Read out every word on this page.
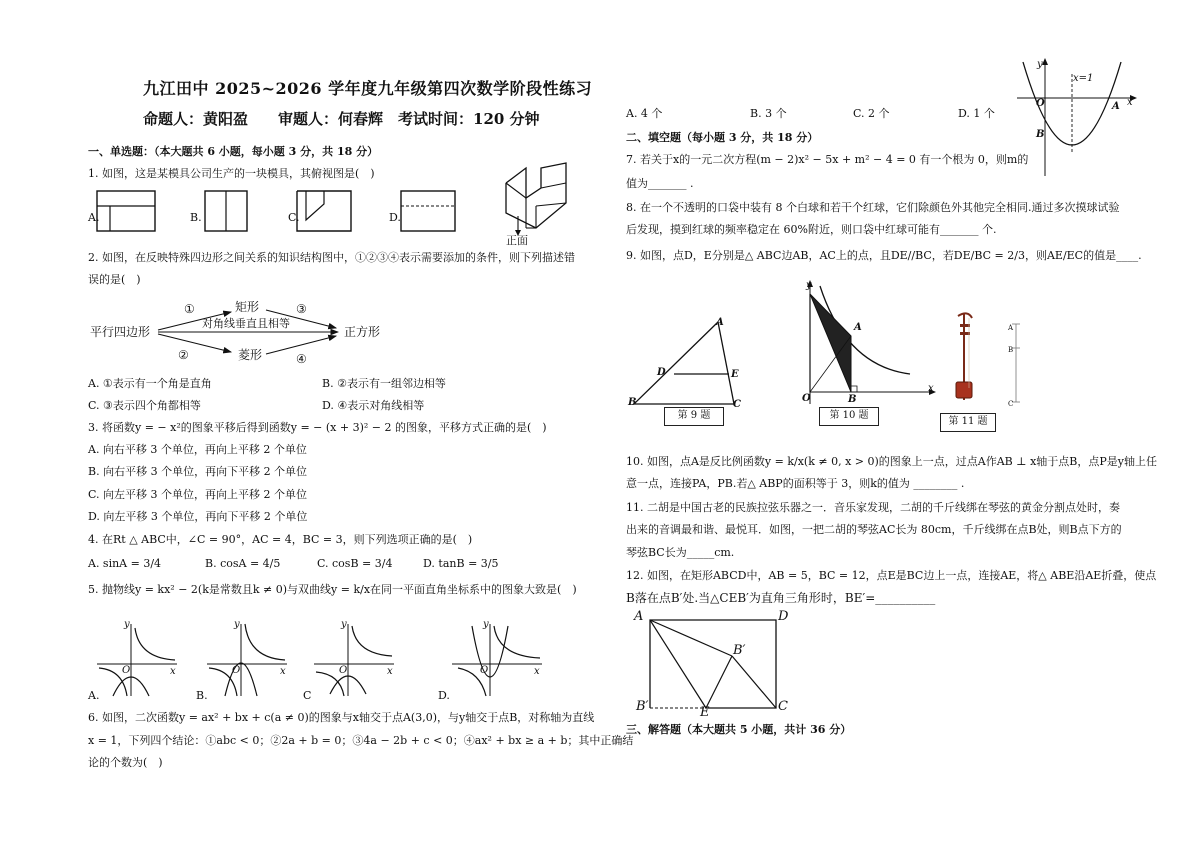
九江田中 2025~2026 学年度九年级第四次数学阶段性练习
命题人：黄阳盈　　审题人：何春辉　考试时间：120 分钟
一、单选题：（本大题共 6 小题，每小题 3 分，共 18 分）
1. 如图，这是某模具公司生产的一块模具，其俯视图是(　)
A.	B.	C.	D.
正面
2. 如图，在反映特殊四边形之间关系的知识结构图中，①②③④表示需要添加的条件，则下列描述错
误的是(　)
平行四边形
矩形
菱形
正方形
对角线垂直且相等
①
②
③
④
A. ①表示有一个角是直角	B. ②表示有一组邻边相等
C. ③表示四个角都相等	D. ④表示对角线相等
3. 将函数y = − x²的图象平移后得到函数y = − (x + 3)² − 2 的图象，平移方式正确的是(　)
A. 向右平移 3 个单位，再向上平移 2 个单位
B. 向右平移 3 个单位，再向下平移 2 个单位
C. 向左平移 3 个单位，再向上平移 2 个单位
D. 向左平移 3 个单位，再向下平移 2 个单位
4. 在Rt △ ABC中，∠C = 90°，AC = 4，BC = 3，则下列选项正确的是(　)
A. sinA = 3/4	B. cosA = 4/5	C. cosB = 3/4	D. tanB = 3/5
5. 抛物线y = kx² − 2(k是常数且k ≠ 0)与双曲线y = k/x在同一平面直角坐标系中的图象大致是(　)
y
x
O
A.
y
x
O
B.
y
x
O
C
y
x
O
D.
6. 如图，二次函数y = ax² + bx + c(a ≠ 0)的图象与x轴交于点A(3,0)，与y轴交于点B，对称轴为直线
x = 1，下列四个结论：①abc < 0；②2a + b = 0；③4a − 2b + c < 0；④ax² + bx ≥ a + b；其中正确结
论的个数为(　)
A. 4 个	B. 3 个	C. 2 个	D. 1 个
x=1
A
B
O	x
y
二、填空题（每小题 3 分，共 18 分）
7. 若关于x的一元二次方程(m − 2)x² − 5x + m² − 4 = 0 有一个根为 0，则m的
值为_______ .
8. 在一个不透明的口袋中装有 8 个白球和若干个红球，它们除颜色外其他完全相同.通过多次摸球试验
后发现，摸到红球的频率稳定在 60%附近，则口袋中红球可能有_______ 个.
9. 如图，点D，E分别是△ ABC边AB，AC上的点，且DE//BC，若DE/BC = 2/3，则AE/EC的值是____.
A
B	C
D	E
第 9 题
y
x
O
A
B
第 10 题
A
B
C
第 11 题
10. 如图，点A是反比例函数y = k/x(k ≠ 0, x > 0)的图象上一点，过点A作AB ⊥ x轴于点B，点P是y轴上任
意一点，连接PA，PB.若△ ABP的面积等于 3，则k的值为 ________ .
11. 二胡是中国古老的民族拉弦乐器之一．音乐家发现，二胡的千斤线绑在琴弦的黄金分割点处时，奏
出来的音调最和谐、最悦耳．如图，一把二胡的琴弦AC长为 80cm，千斤线绑在点B处，则B点下方的
琴弦BC长为_____cm.
12. 如图，在矩形ABCD中，AB = 5，BC = 12，点E是BC边上一点，连接AE，将△ ABE沿AE折叠，使点
B落在点B′处.当△CEB′为直角三角形时，BE′=__________
A
B′
B′
C
D
E
三、解答题（本大题共 5 小题，共计 36 分）
